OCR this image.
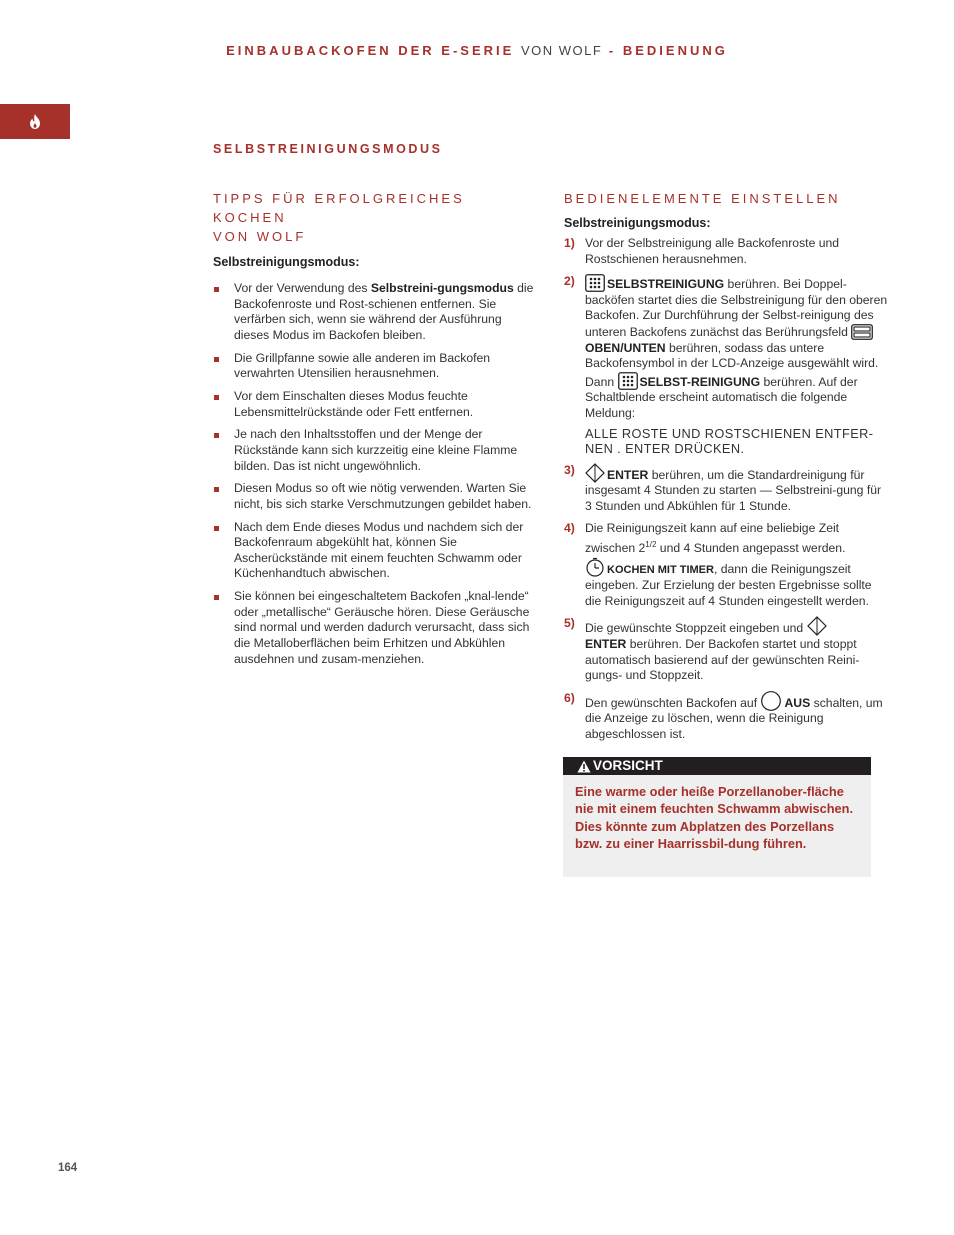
EINBAUBACKOFEN DER E-SERIE VON WOLF - BEDIENUNG
SELBSTREINIGUNGSMODUS
TIPPS FÜR ERFOLGREICHES KOCHEN
VON WOLF
Selbstreinigungsmodus:
Vor der Verwendung des Selbstreini-gungsmodus die Backofenroste und Rost-schienen entfernen. Sie verfärben sich, wenn sie während der Ausführung dieses Modus im Backofen bleiben.
Die Grillpfanne sowie alle anderen im Backofen verwahrten Utensilien herausnehmen.
Vor dem Einschalten dieses Modus feuchte Lebensmittelrückstände oder Fett entfernen.
Je nach den Inhaltsstoffen und der Menge der Rückstände kann sich kurzzeitig eine kleine Flamme bilden. Das ist nicht ungewöhnlich.
Diesen Modus so oft wie nötig verwenden. Warten Sie nicht, bis sich starke Verschmutzungen gebildet haben.
Nach dem Ende dieses Modus und nachdem sich der Backofenraum abgekühlt hat, können Sie Ascherückstände mit einem feuchten Schwamm oder Küchenhandtuch abwischen.
Sie können bei eingeschaltetem Backofen „knal-lende“ oder „metallische“ Geräusche hören. Diese Geräusche sind normal und werden dadurch verursacht, dass sich die Metalloberflächen beim Erhitzen und Abkühlen ausdehnen und zusam-menziehen.
BEDIENELEMENTE EINSTELLEN
Selbstreinigungsmodus:
1) Vor der Selbstreinigung alle Backofenroste und Rostschienen herausnehmen.
2)	SELBSTREINIGUNG berühren. Bei Doppel-backöfen startet dies die Selbstreinigung für den oberen Backofen. Zur Durchführung der Selbst-reinigung des unteren Backofens zunächst das Berührungsfeld OBEN/UNTEN berühren, sodass das untere Backofensymbol in der LCD-Anzeige ausgewählt wird. Dann SELBST-REINIGUNG berühren. Auf der Schaltblende erscheint automatisch die folgende Meldung:
ALLE ROSTE UND ROSTSCHIENEN ENTFER-NEN . ENTER DRÜCKEN.
3)	ENTER berühren, um die Standardreinigung für insgesamt 4 Stunden zu starten — Selbstreini-gung für 3 Stunden und Abkühlen für 1 Stunde.
4) Die Reinigungszeit kann auf eine beliebige Zeit zwischen $2^{1/2}$ und 4 Stunden angepasst werden.
KOCHEN MIT TIMER, dann die Reinigungszeit eingeben. Zur Erzielung der besten Ergebnisse sollte die Reinigungszeit auf 4 Stunden eingestellt werden.
5) Die gewünschte Stoppzeit eingeben und
ENTER berühren. Der Backofen startet und stoppt automatisch basierend auf der gewünschten Reini-gungs- und Stoppzeit.
6) Den gewünschten Backofen auf AUS schalten, um die Anzeige zu löschen, wenn die Reinigung abgeschlossen ist.
VORSICHT
Eine warme oder heiße Porzellanober-fläche nie mit einem feuchten Schwamm abwischen. Dies könnte zum Abplatzen des Porzellans bzw. zu einer Haarrissbil-dung führen.
164
